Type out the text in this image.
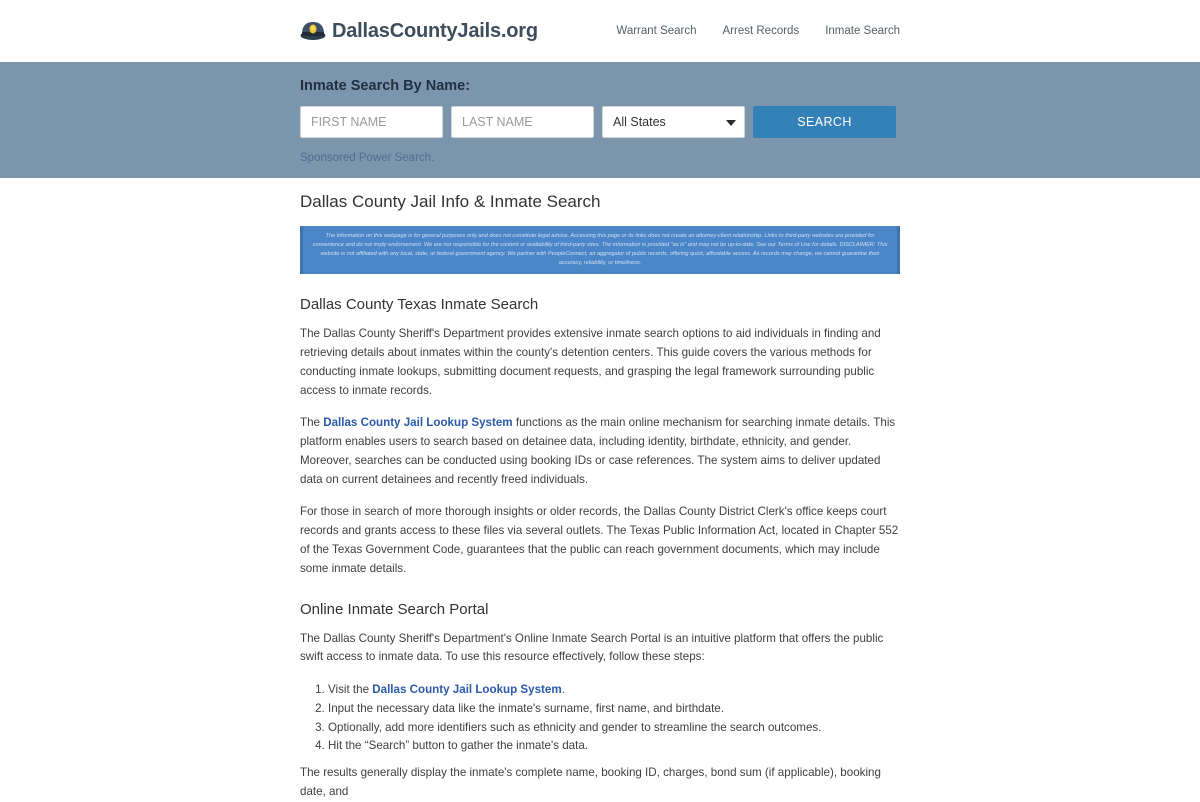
DallasCountyJails.org	Warrant Search Arrest Records Inmate Search
Inmate Search By Name:
FIRST NAME
LAST NAME
All States
SEARCH
Sponsored Power Search.
Dallas County Jail Info & Inmate Search
The information on this webpage is for general purposes only and does not constitute legal advice. Accessing this page or its links does not create an attorney-client relationship. Links to third-party websites are provided for convenience and do not imply endorsement. We are not responsible for the content or availability of third-party sites. The information is provided "as is" and may not be up-to-date. See our Terms of Use for details. DISCLAIMER: This website is not affiliated with any local, state, or federal government agency. We partner with PeopleConnect, an aggregator of public records, offering quick, affordable access. As records may change, we cannot guarantee their accuracy, reliability, or timeliness.
Dallas County Texas Inmate Search

The Dallas County Sheriff's Department provides extensive inmate search options to aid individuals in finding and retrieving details about inmates within the county's detention centers. This guide covers the various methods for conducting inmate lookups, submitting document requests, and grasping the legal framework surrounding public access to inmate records.

The Dallas County Jail Lookup System functions as the main online mechanism for searching inmate details. This platform enables users to search based on detainee data, including identity, birthdate, ethnicity, and gender. Moreover, searches can be conducted using booking IDs or case references. The system aims to deliver updated data on current detainees and recently freed individuals.

For those in search of more thorough insights or older records, the Dallas County District Clerk's office keeps court records and grants access to these files via several outlets. The Texas Public Information Act, located in Chapter 552 of the Texas Government Code, guarantees that the public can reach government documents, which may include some inmate details.

Online Inmate Search Portal

The Dallas County Sheriff's Department's Online Inmate Search Portal is an intuitive platform that offers the public swift access to inmate data. To use this resource effectively, follow these steps:

1. Visit the Dallas County Jail Lookup System.
2. Input the necessary data like the inmate's surname, first name, and birthdate.
3. Optionally, add more identifiers such as ethnicity and gender to streamline the search outcomes.
4. Hit the “Search” button to gather the inmate's data.

The results generally display the inmate's complete name, booking ID, charges, bond sum (if applicable), booking date, and
